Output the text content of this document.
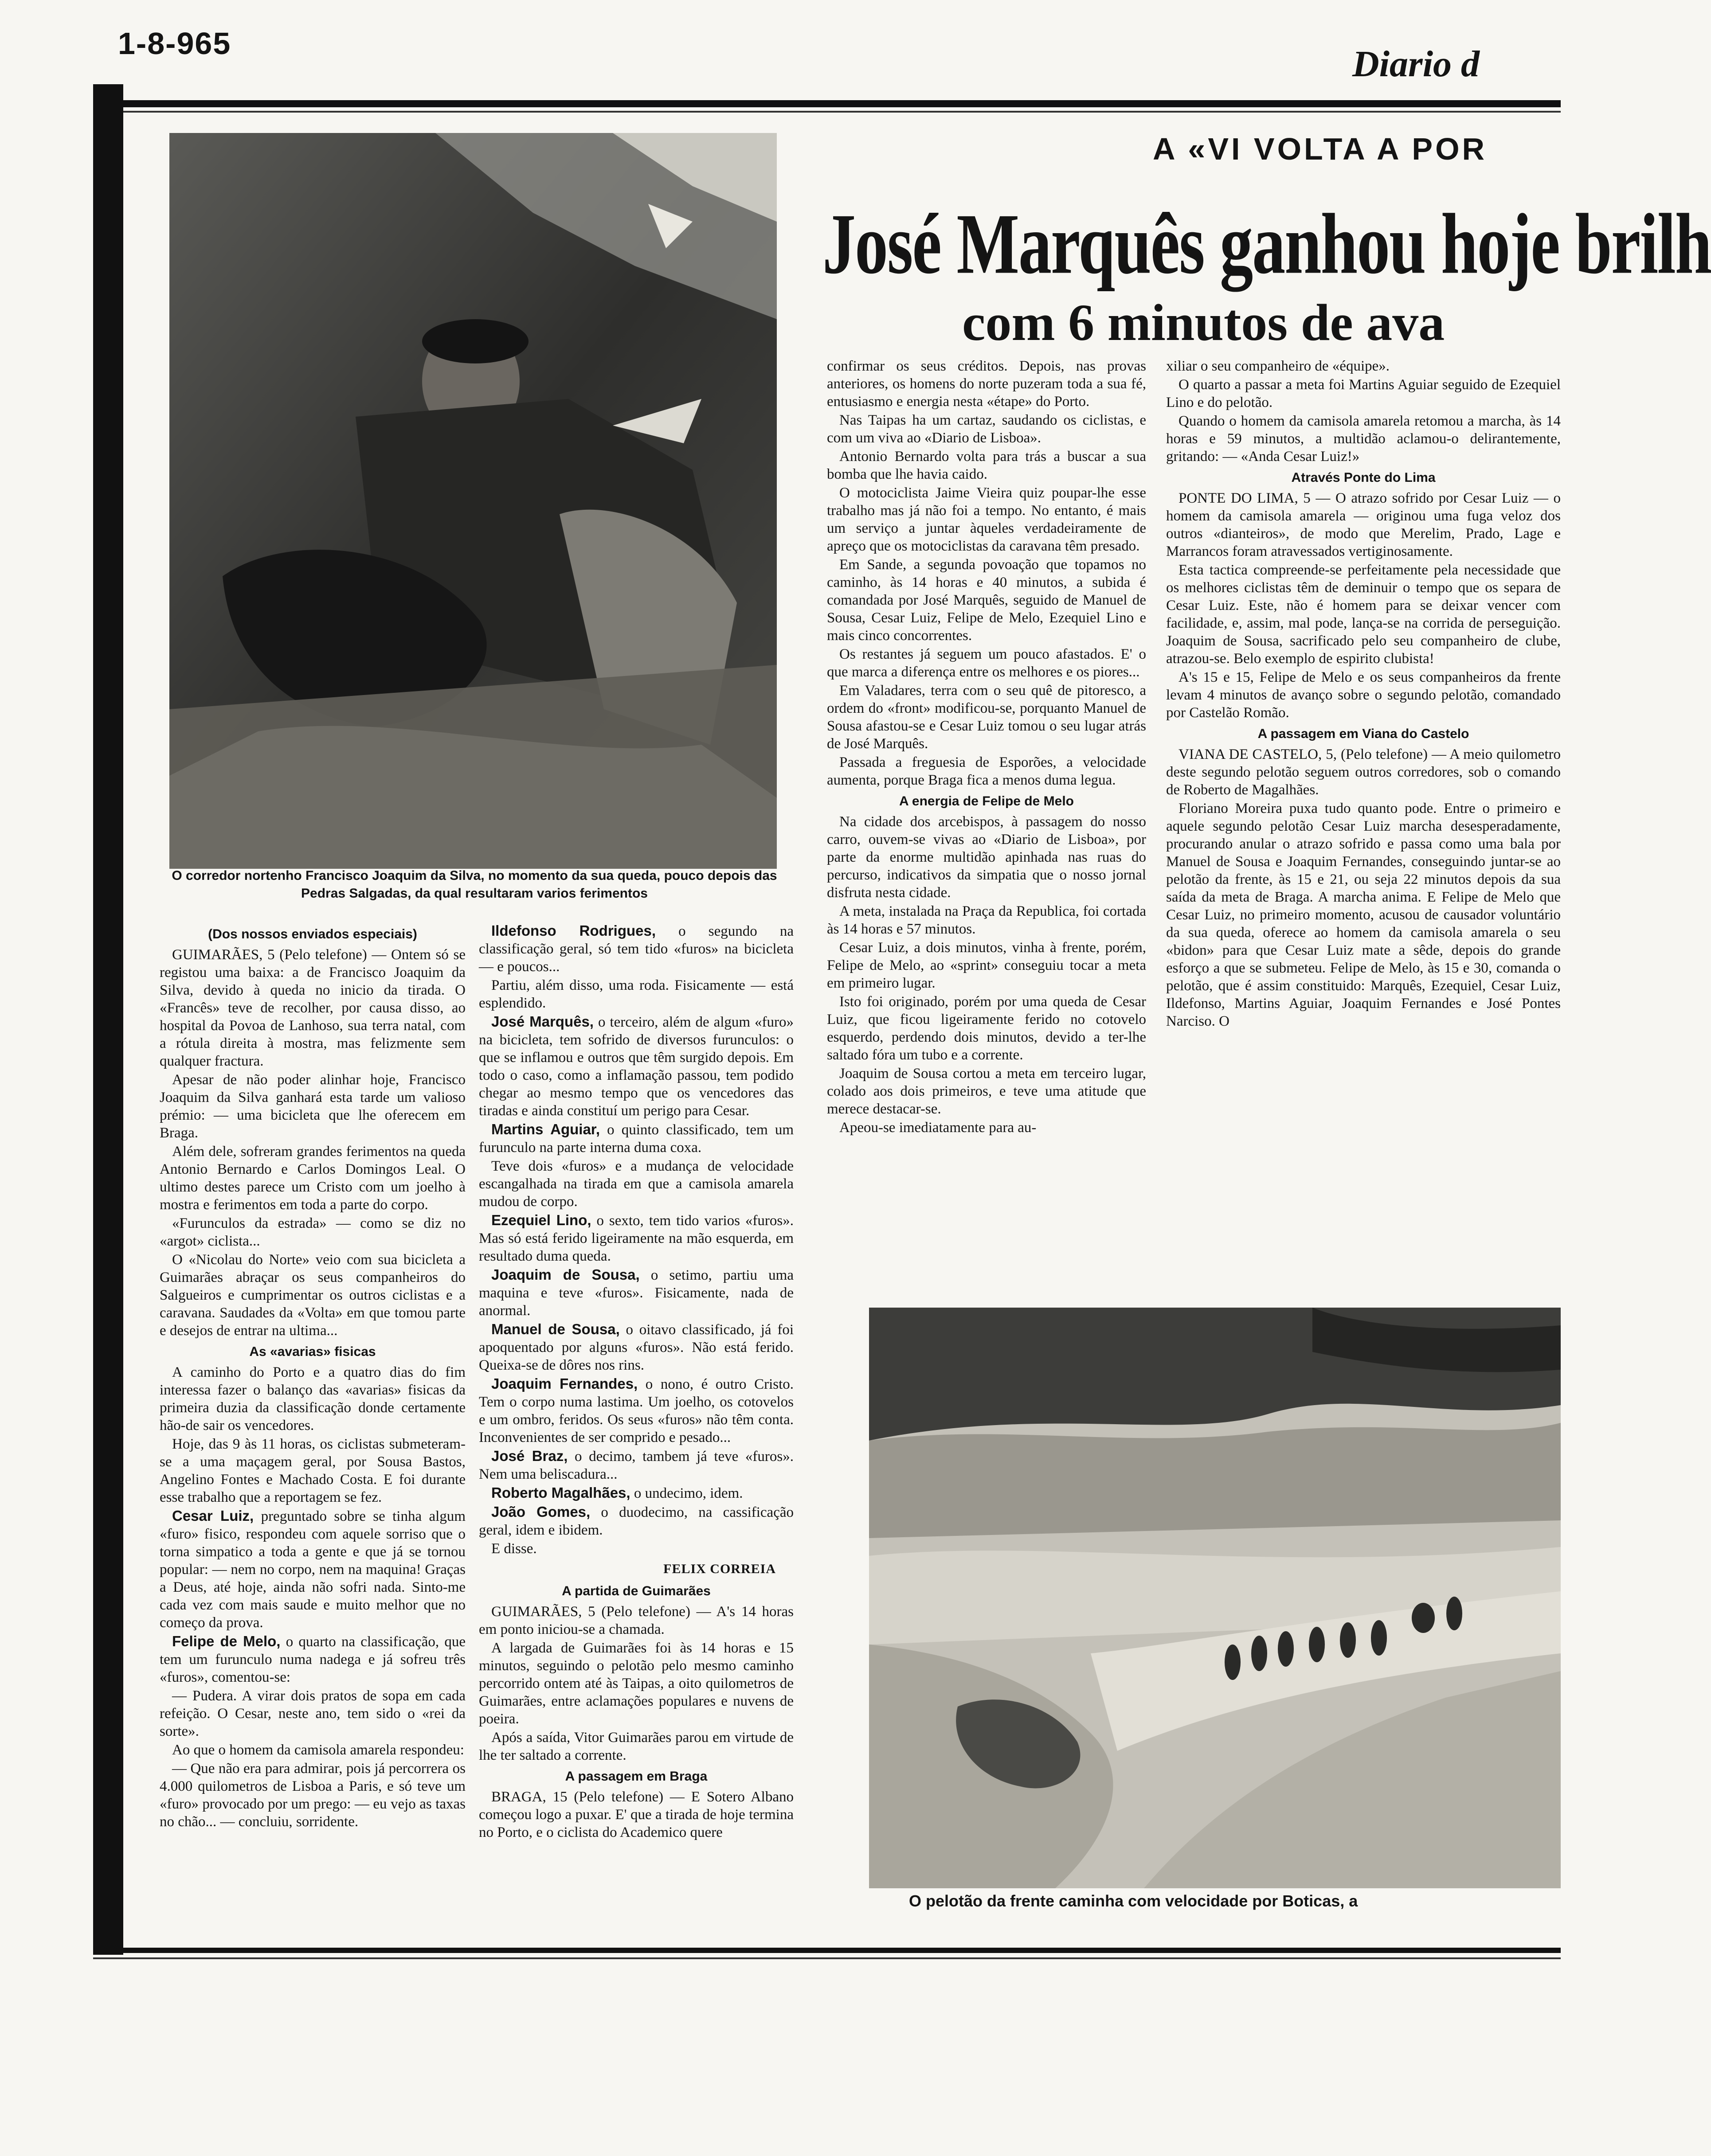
1-8-965	Diario d
O corredor nortenho Francisco Joaquim da Silva, no momento da sua queda, pouco depois das Pedras Salgadas, da qual resultaram varios ferimentos
A «VI VOLTA A POR
José Marquês ganhou hoje brilh
com 6 minutos de ava
(Dos nossos enviados especiais)

GUIMARÃES, 5 (Pelo telefone) — Ontem só se registou uma baixa: a de Francisco Joaquim da Silva, devido à queda no inicio da tirada. O «Francês» teve de recolher, por causa disso, ao hospital da Povoa de Lanhoso, sua terra natal, com a rótula direita à mostra, mas felizmente sem qualquer fractura.

Apesar de não poder alinhar hoje, Francisco Joaquim da Silva ganhará esta tarde um valioso prémio: — uma bicicleta que lhe oferecem em Braga.

Além dele, sofreram grandes ferimentos na queda Antonio Bernardo e Carlos Domingos Leal. O ultimo destes parece um Cristo com um joelho à mostra e ferimentos em toda a parte do corpo.

«Furunculos da estrada» — como se diz no «argot» ciclista...

O «Nicolau do Norte» veio com sua bicicleta a Guimarães abraçar os seus companheiros do Salgueiros e cumprimentar os outros ciclistas e a caravana. Saudades da «Volta» em que tomou parte e desejos de entrar na ultima...

As «avarias» fisicas

A caminho do Porto e a quatro dias do fim interessa fazer o balanço das «avarias» fisicas da primeira duzia da classificação donde certamente hão-de sair os vencedores.

Hoje, das 9 às 11 horas, os ciclistas submeteram-se a uma maçagem geral, por Sousa Bastos, Angelino Fontes e Machado Costa. E foi durante esse trabalho que a reportagem se fez.

Cesar Luiz, preguntado sobre se tinha algum «furo» fisico, respondeu com aquele sorriso que o torna simpatico a toda a gente e que já se tornou popular: — nem no corpo, nem na maquina! Graças a Deus, até hoje, ainda não sofri nada. Sinto-me cada vez com mais saude e muito melhor que no começo da prova.

Felipe de Melo, o quarto na classificação, que tem um furunculo numa nadega e já sofreu três «furos», comentou-se:

— Pudera. A virar dois pratos de sopa em cada refeição. O Cesar, neste ano, tem sido o «rei da sorte».

Ao que o homem da camisola amarela respondeu:

— Que não era para admirar, pois já percorrera os 4.000 quilometros de Lisboa a Paris, e só teve um «furo» provocado por um prego: — eu vejo as taxas no chão... — concluiu, sorridente.

Ildefonso Rodrigues, o segundo na classificação geral, só tem tido «furos» na bicicleta — e poucos...

Partiu, além disso, uma roda. Fisicamente — está esplendido.

José Marquês, o terceiro, além de algum «furo» na bicicleta, tem sofrido de diversos furunculos: o que se inflamou e outros que têm surgido depois. Em todo o caso, como a inflamação passou, tem podido chegar ao mesmo tempo que os vencedores das tiradas e ainda constituí um perigo para Cesar.

Martins Aguiar, o quinto classificado, tem um furunculo na parte interna duma coxa.

Teve dois «furos» e a mudança de velocidade escangalhada na tirada em que a camisola amarela mudou de corpo.

Ezequiel Lino, o sexto, tem tido varios «furos». Mas só está ferido ligeiramente na mão esquerda, em resultado duma queda.

Joaquim de Sousa, o setimo, partiu uma maquina e teve «furos». Fisicamente, nada de anormal.

Manuel de Sousa, o oitavo classificado, já foi apoquentado por alguns «furos». Não está ferido. Queixa-se de dôres nos rins.

Joaquim Fernandes, o nono, é outro Cristo. Tem o corpo numa lastima. Um joelho, os cotovelos e um ombro, feridos. Os seus «furos» não têm conta. Inconvenientes de ser comprido e pesado...

José Braz, o decimo, tambem já teve «furos». Nem uma beliscadura...

Roberto Magalhães, o undecimo, idem.

João Gomes, o duodecimo, na cassificação geral, idem e ibidem.

E disse.

FELIX CORREIA
A partida de Guimarães

GUIMARÃES, 5 (Pelo telefone) — A's 14 horas em ponto iniciou-se a chamada.

A largada de Guimarães foi às 14 horas e 15 minutos, seguindo o pelotão pelo mesmo caminho percorrido ontem até às Taipas, a oito quilometros de Guimarães, entre aclamações populares e nuvens de poeira.

Após a saída, Vitor Guimarães parou em virtude de lhe ter saltado a corrente.

A passagem em Braga

BRAGA, 15 (Pelo telefone) — E Sotero Albano começou logo a puxar. E' que a tirada de hoje termina no Porto, e o ciclista do Academico quere

confirmar os seus créditos. Depois, nas provas anteriores, os homens do norte puzeram toda a sua fé, entusiasmo e energia nesta «étape» do Porto.

Nas Taipas ha um cartaz, saudando os ciclistas, e com um viva ao «Diario de Lisboa».

Antonio Bernardo volta para trás a buscar a sua bomba que lhe havia caido.

O motociclista Jaime Vieira quiz poupar-lhe esse trabalho mas já não foi a tempo. No entanto, é mais um serviço a juntar àqueles verdadeiramente de apreço que os motociclistas da caravana têm presado.

Em Sande, a segunda povoação que topamos no caminho, às 14 horas e 40 minutos, a subida é comandada por José Marquês, seguido de Manuel de Sousa, Cesar Luiz, Felipe de Melo, Ezequiel Lino e mais cinco concorrentes.

Os restantes já seguem um pouco afastados. E' o que marca a diferença entre os melhores e os piores...

Em Valadares, terra com o seu quê de pitoresco, a ordem do «front» modificou-se, porquanto Manuel de Sousa afastou-se e Cesar Luiz tomou o seu lugar atrás de José Marquês.

Passada a freguesia de Esporões, a velocidade aumenta, porque Braga fica a menos duma legua.

A energia de Felipe de Melo

Na cidade dos arcebispos, à passagem do nosso carro, ouvem-se vivas ao «Diario de Lisboa», por parte da enorme multidão apinhada nas ruas do percurso, indicativos da simpatia que o nosso jornal disfruta nesta cidade.

A meta, instalada na Praça da Republica, foi cortada às 14 horas e 57 minutos.

Cesar Luiz, a dois minutos, vinha à frente, porém, Felipe de Melo, ao «sprint» conseguiu tocar a meta em primeiro lugar.

Isto foi originado, porém por uma queda de Cesar Luiz, que ficou ligeiramente ferido no cotovelo esquerdo, perdendo dois minutos, devido a ter-lhe saltado fóra um tubo e a corrente.

Joaquim de Sousa cortou a meta em terceiro lugar, colado aos dois primeiros, e teve uma atitude que merece destacar-se.

Apeou-se imediatamente para au-

xiliar o seu companheiro de «équipe».

O quarto a passar a meta foi Martins Aguiar seguido de Ezequiel Lino e do pelotão.

Quando o homem da camisola amarela retomou a marcha, às 14 horas e 59 minutos, a multidão aclamou-o delirantemente, gritando: — «Anda Cesar Luiz!»

Através Ponte do Lima

PONTE DO LIMA, 5 — O atrazo sofrido por Cesar Luiz — o homem da camisola amarela — originou uma fuga veloz dos outros «dianteiros», de modo que Merelim, Prado, Lage e Marrancos foram atravessados vertiginosamente.

Esta tactica compreende-se perfeitamente pela necessidade que os melhores ciclistas têm de deminuir o tempo que os separa de Cesar Luiz. Este, não é homem para se deixar vencer com facilidade, e, assim, mal pode, lança-se na corrida de perseguição. Joaquim de Sousa, sacrificado pelo seu companheiro de clube, atrazou-se. Belo exemplo de espirito clubista!

A's 15 e 15, Felipe de Melo e os seus companheiros da frente levam 4 minutos de avanço sobre o segundo pelotão, comandado por Castelão Romão.

A passagem em Viana do Castelo

VIANA DE CASTELO, 5, (Pelo telefone) — A meio quilometro deste segundo pelotão seguem outros corredores, sob o comando de Roberto de Magalhães.

Floriano Moreira puxa tudo quanto pode. Entre o primeiro e aquele segundo pelotão Cesar Luiz marcha desesperadamente, procurando anular o atrazo sofrido e passa como uma bala por Manuel de Sousa e Joaquim Fernandes, conseguindo juntar-se ao pelotão da frente, às 15 e 21, ou seja 22 minutos depois da sua saída da meta de Braga. A marcha anima. E Felipe de Melo que Cesar Luiz, no primeiro momento, acusou de causador voluntário da sua queda, oferece ao homem da camisola amarela o seu «bidon» para que Cesar Luiz mate a sêde, depois do grande esforço a que se submeteu. Felipe de Melo, às 15 e 30, comanda o pelotão, que é assim constituido: Marquês, Ezequiel, Cesar Luiz, Ildefonso, Martins Aguiar, Joaquim Fernandes e José Pontes Narciso. O

O pelotão da frente caminha com velocidade por Boticas, a
